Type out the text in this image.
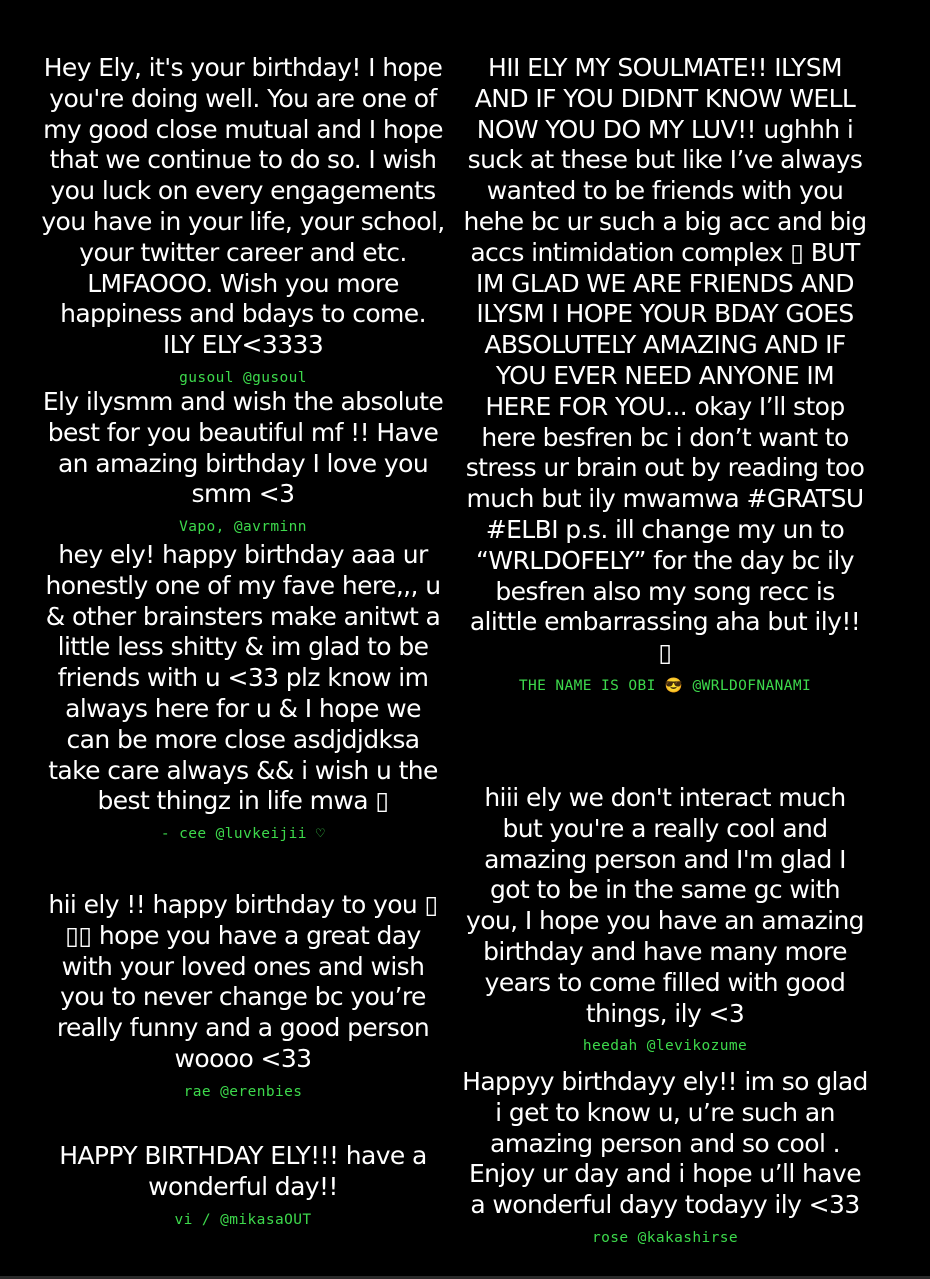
Hey Ely, it's your birthday! I hope you're doing well. You are one of my good close mutual and I hope that we continue to do so. I wish you luck on every engagements you have in your life, your school, your twitter career and etc. LMFAOOO. Wish you more happiness and bdays to come. ILY ELY<3333

gusoul @gusoul

Ely ilysmm and wish the absolute best for you beautiful mf !! Have an amazing birthday I love you smm <3

Vapo, @avrminn

hey ely! happy birthday aaa ur honestly one of my fave here,,, u & other brainsters make anitwt a little less shitty & im glad to be friends with u <33 plz know im always here for u & I hope we can be more close asdjdjdksa take care always && i wish u the best thingz in life mwa ▯

- cee @luvkeijii ♡

hii ely !! happy birthday to you ▯ ▯▯ hope you have a great day with your loved ones and wish you to never change bc you’re really funny and a good person woooo <33

rae @erenbies

HAPPY BIRTHDAY ELY!!! have a wonderful day!!

vi / @mikasaOUT

HII ELY MY SOULMATE!! ILYSM AND IF YOU DIDNT KNOW WELL NOW YOU DO MY LUV!! ughhh i suck at these but like I’ve always wanted to be friends with you hehe bc ur such a big acc and big accs intimidation complex ▯ BUT IM GLAD WE ARE FRIENDS AND ILYSM I HOPE YOUR BDAY GOES ABSOLUTELY AMAZING AND IF YOU EVER NEED ANYONE IM HERE FOR YOU... okay I’ll stop here besfren bc i don’t want to stress ur brain out by reading too much but ily mwamwa #GRATSU #ELBI p.s. ill change my un to “WRLDOFELY” for the day bc ily besfren also my song recc is alittle embarrassing aha but ily!! ▯

THE NAME IS OBI 😎 @WRLDOFNANAMI

hiii ely we don't interact much but you're a really cool and amazing person and I'm glad I got to be in the same gc with you, I hope you have an amazing birthday and have many more years to come filled with good things, ily <3

heedah @levikozume

Happyy birthdayy ely!! im so glad i get to know u, u’re such an amazing person and so cool . Enjoy ur day and i hope u’ll have a wonderful dayy todayy ily <33

rose @kakashirse
